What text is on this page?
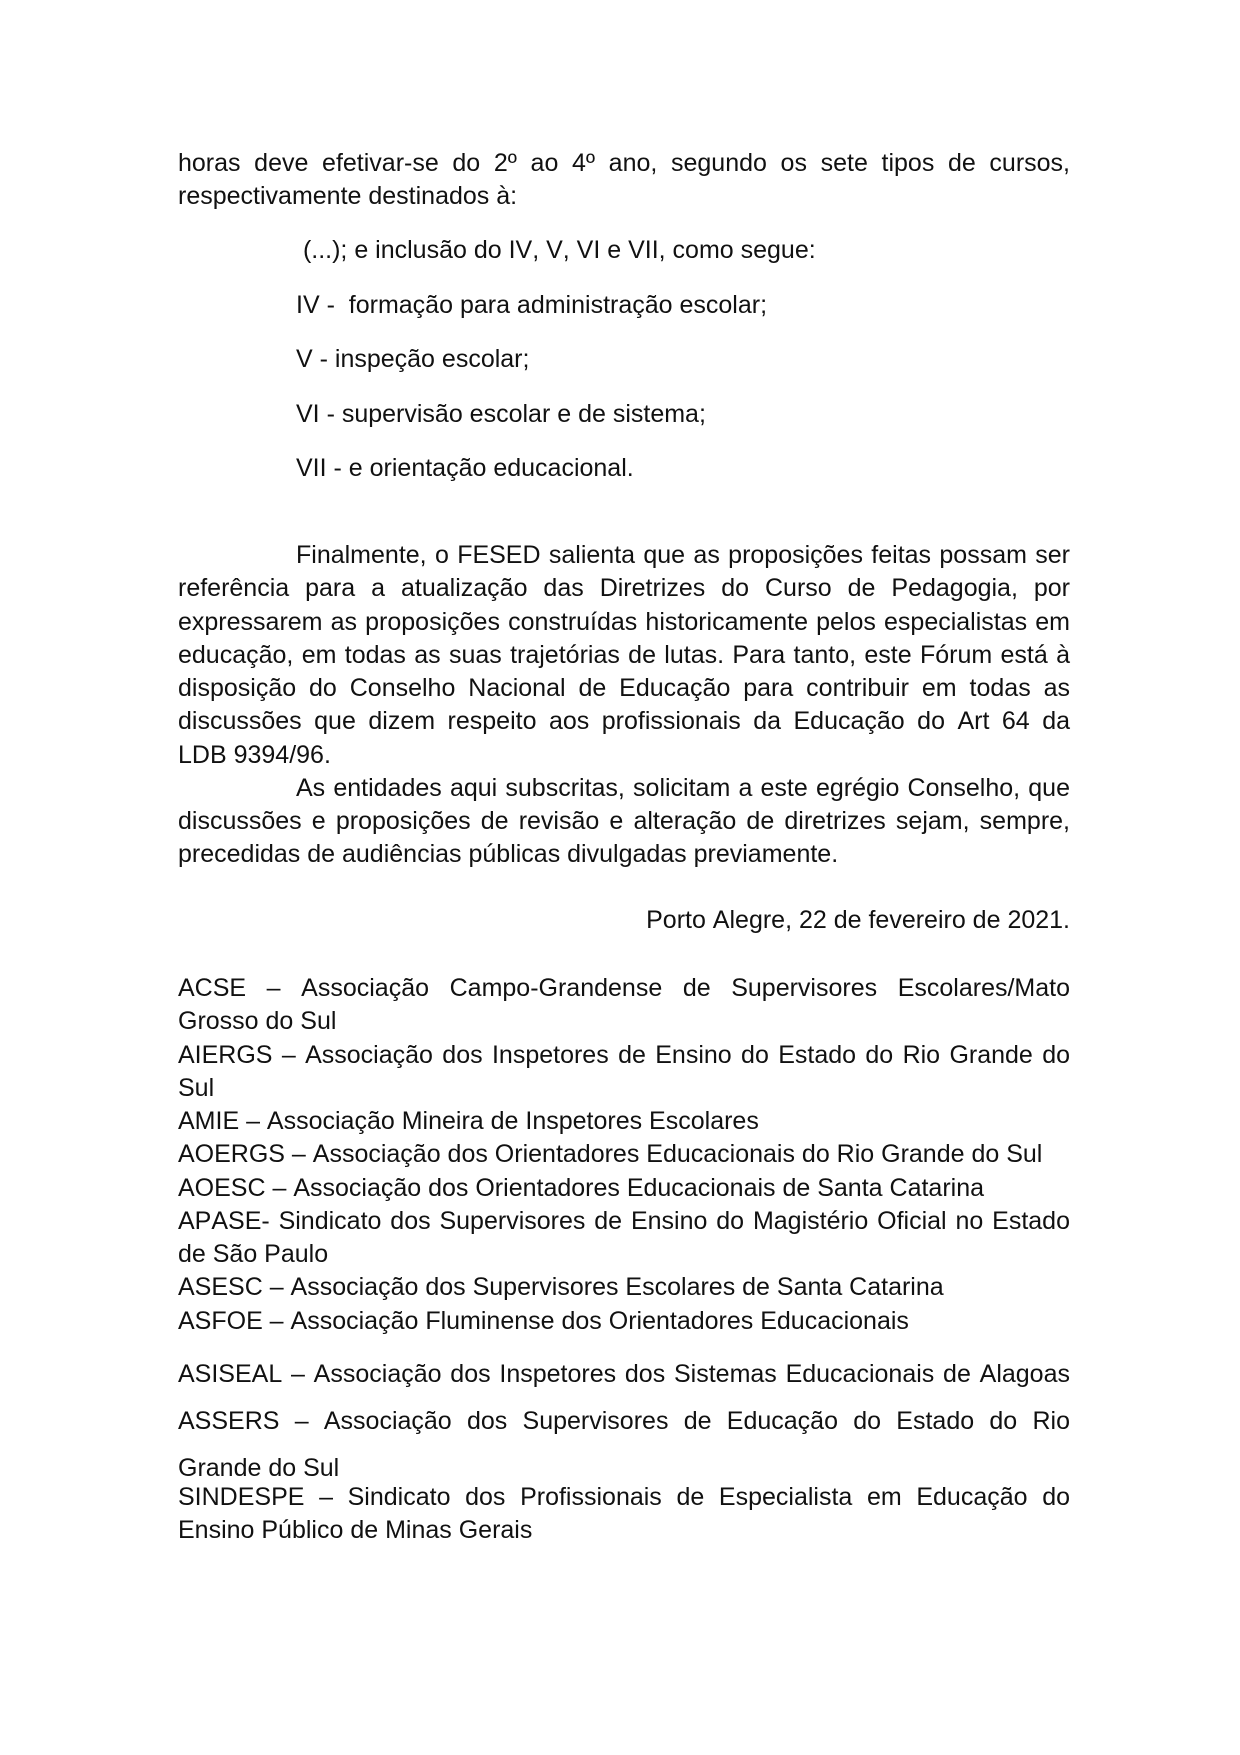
horas deve efetivar-se do 2º ao 4º ano, segundo os sete tipos de cursos,
respectivamente destinados à:
(...); e inclusão do IV, V, VI e VII, como segue:
IV -  formação para administração escolar;
V - inspeção escolar;
VI - supervisão escolar e de sistema;
VII - e orientação educacional.
Finalmente, o FESED salienta que as proposições feitas possam ser
referência para a atualização das Diretrizes do Curso de Pedagogia, por
expressarem as proposições construídas historicamente pelos especialistas em
educação, em todas as suas trajetórias de lutas. Para tanto, este Fórum está à
disposição do Conselho Nacional de Educação para contribuir em todas as
discussões que dizem respeito aos profissionais da Educação do Art 64 da
LDB 9394/96.
As entidades aqui subscritas, solicitam a este egrégio Conselho, que
discussões e proposições de revisão e alteração de diretrizes sejam, sempre,
precedidas de audiências públicas divulgadas previamente.
Porto Alegre, 22 de fevereiro de 2021.
ACSE – Associação Campo-Grandense de Supervisores Escolares/Mato
Grosso do Sul
AIERGS – Associação dos Inspetores de Ensino do Estado do Rio Grande do
Sul
AMIE – Associação Mineira de Inspetores Escolares
AOERGS – Associação dos Orientadores Educacionais do Rio Grande do Sul
AOESC – Associação dos Orientadores Educacionais de Santa Catarina
APASE- Sindicato dos Supervisores de Ensino do Magistério Oficial no Estado
de São Paulo
ASESC – Associação dos Supervisores Escolares de Santa Catarina
ASFOE – Associação Fluminense dos Orientadores Educacionais
ASISEAL – Associação dos Inspetores dos Sistemas Educacionais de Alagoas
ASSERS – Associação dos Supervisores de Educação do Estado do Rio
Grande do Sul
SINDESPE – Sindicato dos Profissionais de Especialista em Educação do
Ensino Público de Minas Gerais
